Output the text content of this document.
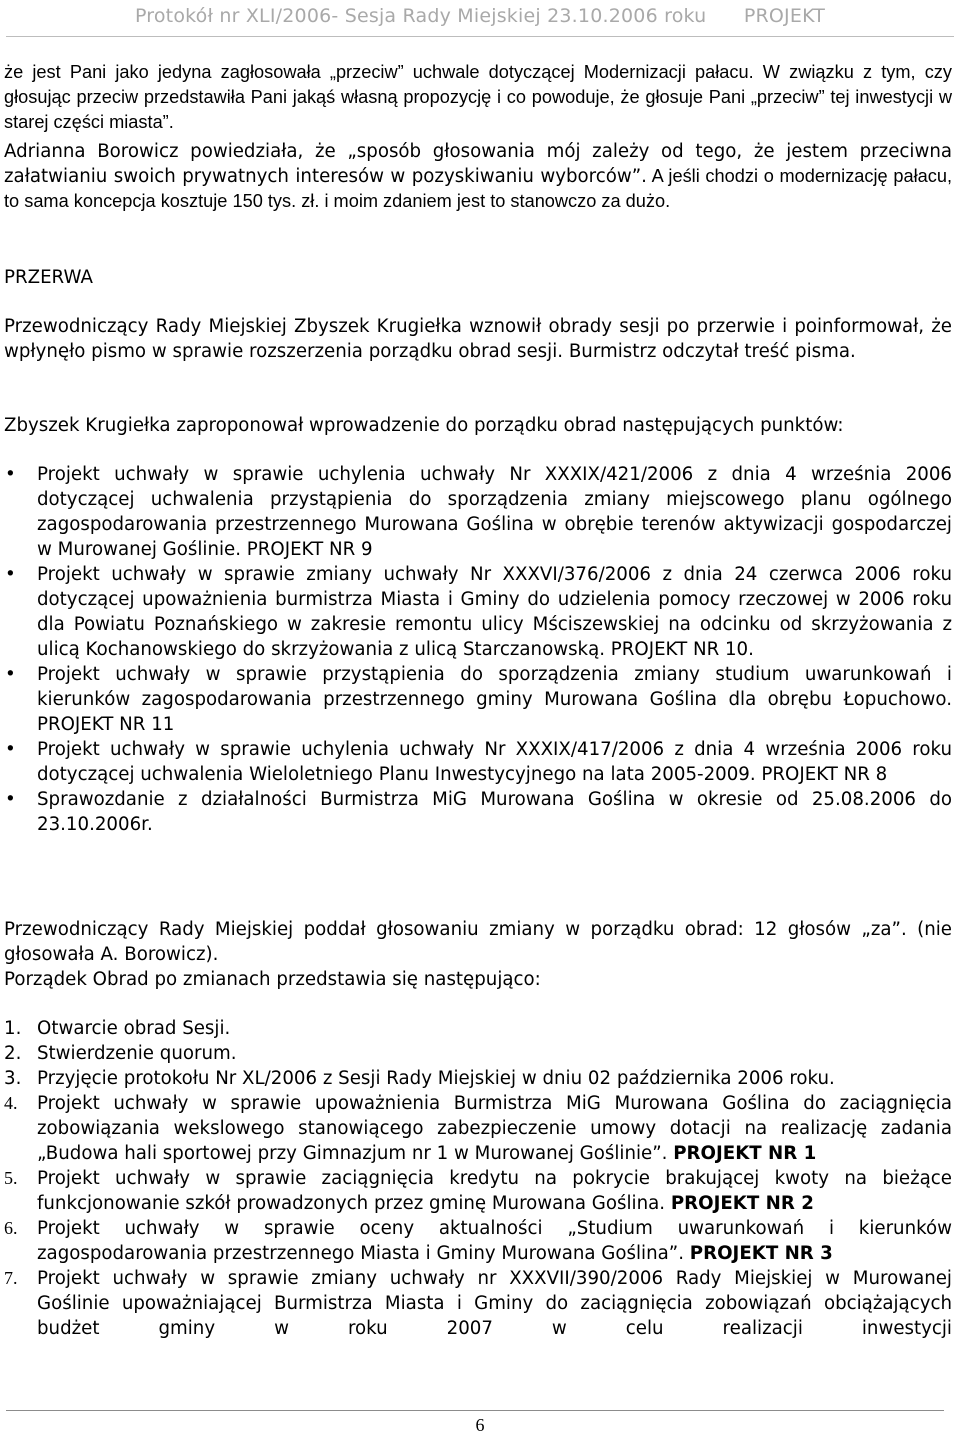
Protokół nr XLI/2006- Sesja Rady Miejskiej 23.10.2006 roku      PROJEKT
że jest Pani jako jedyna zagłosowała „przeciw” uchwale dotyczącej Modernizacji pałacu. W związku z tym, czy głosując przeciw przedstawiła Pani jakąś własną propozycję i co powoduje, że głosuje Pani „przeciw” tej inwestycji w starej części miasta”.
Adrianna Borowicz powiedziała, że „sposób głosowania mój zależy od tego, że jestem przeciwna załatwianiu swoich prywatnych interesów w pozyskiwaniu wyborców”. A jeśli chodzi o modernizację pałacu, to sama koncepcja kosztuje 150 tys. zł. i moim zdaniem jest to stanowczo za dużo.
PRZERWA
Przewodniczący Rady Miejskiej Zbyszek Krugiełka wznowił obrady sesji po przerwie i poinformował, że wpłynęło pismo w sprawie rozszerzenia porządku obrad sesji. Burmistrz odczytał treść pisma.
Zbyszek Krugiełka zaproponował wprowadzenie do porządku obrad następujących punktów:
• Projekt uchwały w sprawie uchylenia uchwały Nr XXXIX/421/2006 z dnia 4 września 2006 dotyczącej uchwalenia przystąpienia do sporządzenia zmiany miejscowego planu ogólnego zagospodarowania przestrzennego Murowana Goślina w obrębie terenów aktywizacji gospodarczej w Murowanej Goślinie. PROJEKT NR 9
• Projekt uchwały w sprawie zmiany uchwały Nr XXXVI/376/2006 z dnia 24 czerwca 2006 roku dotyczącej upoważnienia burmistrza Miasta i Gminy do udzielenia pomocy rzeczowej w 2006 roku dla Powiatu Poznańskiego w zakresie remontu ulicy Mściszewskiej na odcinku od skrzyżowania z ulicą Kochanowskiego do skrzyżowania z ulicą Starczanowską. PROJEKT NR 10.
• Projekt uchwały w sprawie przystąpienia do sporządzenia zmiany studium uwarunkowań i kierunków zagospodarowania przestrzennego gminy Murowana Goślina dla obrębu Łopuchowo. PROJEKT NR 11
• Projekt uchwały w sprawie uchylenia uchwały Nr XXXIX/417/2006 z dnia 4 września 2006 roku dotyczącej uchwalenia Wieloletniego Planu Inwestycyjnego na lata 2005-2009. PROJEKT NR 8
• Sprawozdanie z działalności Burmistrza MiG Murowana Goślina w okresie od 25.08.2006 do 23.10.2006r.
Przewodniczący Rady Miejskiej poddał głosowaniu zmiany w porządku obrad: 12 głosów „za”. (nie głosowała A. Borowicz).
Porządek Obrad po zmianach przedstawia się następująco:
1. Otwarcie obrad Sesji.
2. Stwierdzenie quorum.
3. Przyjęcie protokołu Nr XL/2006 z Sesji Rady Miejskiej w dniu 02 października 2006 roku.
4. Projekt uchwały w sprawie upoważnienia Burmistrza MiG Murowana Goślina do zaciągnięcia zobowiązania wekslowego stanowiącego zabezpieczenie umowy dotacji na realizację zadania „Budowa hali sportowej przy Gimnazjum nr 1 w Murowanej Goślinie”. PROJEKT NR 1
5. Projekt uchwały w sprawie zaciągnięcia kredytu na pokrycie brakującej kwoty na bieżące funkcjonowanie szkół prowadzonych przez gminę Murowana Goślina. PROJEKT NR 2
6. Projekt uchwały w sprawie oceny aktualności „Studium uwarunkowań i kierunków zagospodarowania przestrzennego Miasta i Gminy Murowana Goślina”. PROJEKT NR 3
7. Projekt uchwały w sprawie zmiany uchwały nr XXXVII/390/2006 Rady Miejskiej w Murowanej Goślinie upoważniającej Burmistrza Miasta i Gminy do zaciągnięcia zobowiązań obciążających budżet gminy w roku 2007 w celu realizacji inwestycji
6
